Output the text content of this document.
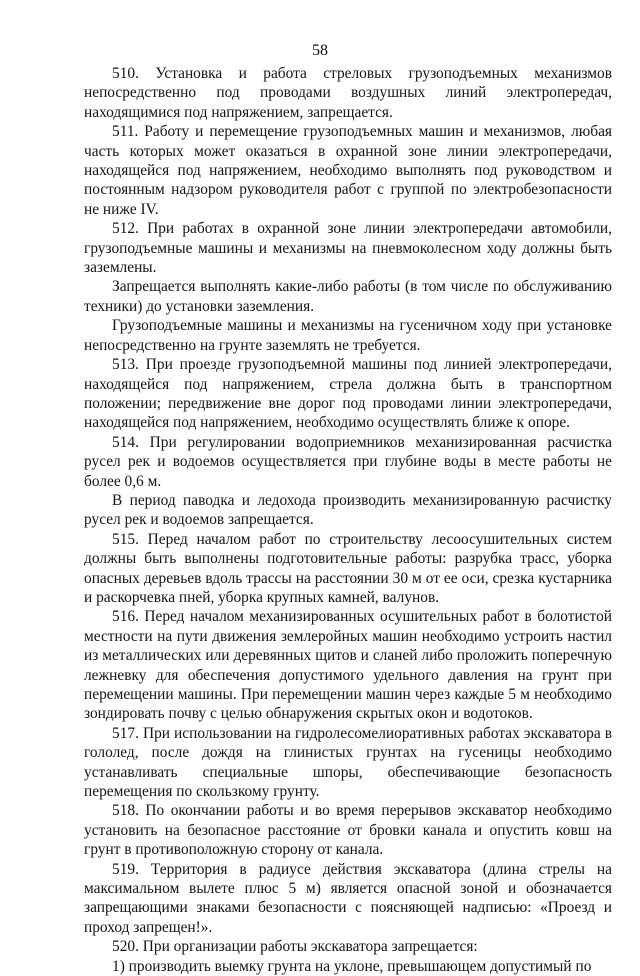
58

510. Установка и работа стреловых грузоподъемных механизмов непосредственно под проводами воздушных линий электропередач, находящимися под напряжением, запрещается.

511. Работу и перемещение грузоподъемных машин и механизмов, любая часть которых может оказаться в охранной зоне линии электропередачи, находящейся под напряжением, необходимо выполнять под руководством и постоянным надзором руководителя работ с группой по электробезопасности не ниже IV.

512. При работах в охранной зоне линии электропередачи автомобили, грузоподъемные машины и механизмы на пневмоколесном ходу должны быть заземлены.

Запрещается выполнять какие-либо работы (в том числе по обслуживанию техники) до установки заземления.

Грузоподъемные машины и механизмы на гусеничном ходу при установке непосредственно на грунте заземлять не требуется.

513. При проезде грузоподъемной машины под линией электропередачи, находящейся под напряжением, стрела должна быть в транспортном положении; передвижение вне дорог под проводами линии электропередачи, находящейся под напряжением, необходимо осуществлять ближе к опоре.

514. При регулировании водоприемников механизированная расчистка русел рек и водоемов осуществляется при глубине воды в месте работы не более 0,6 м.

В период паводка и ледохода производить механизированную расчистку русел рек и водоемов запрещается.

515. Перед началом работ по строительству лесоосушительных систем должны быть выполнены подготовительные работы: разрубка трасс, уборка опасных деревьев вдоль трассы на расстоянии 30 м от ее оси, срезка кустарника и раскорчевка пней, уборка крупных камней, валунов.

516. Перед началом механизированных осушительных работ в болотистой местности на пути движения землеройных машин необходимо устроить настил из металлических или деревянных щитов и сланей либо проложить поперечную лежневку для обеспечения допустимого удельного давления на грунт при перемещении машины. При перемещении машин через каждые 5 м необходимо зондировать почву с целью обнаружения скрытых окон и водотоков.

517. При использовании на гидролесомелиоративных работах экскаватора в гололед, после дождя на глинистых грунтах на гусеницы необходимо устанавливать специальные шпоры, обеспечивающие безопасность перемещения по скользкому грунту.

518. По окончании работы и во время перерывов экскаватор необходимо установить на безопасное расстояние от бровки канала и опустить ковш на грунт в противоположную сторону от канала.

519. Территория в радиусе действия экскаватора (длина стрелы на максимальном вылете плюс 5 м) является опасной зоной и обозначается запрещающими знаками безопасности с поясняющей надписью: «Проезд и проход запрещен!».

520. При организации работы экскаватора запрещается:

1) производить выемку грунта на уклоне, превышающем допустимый по
